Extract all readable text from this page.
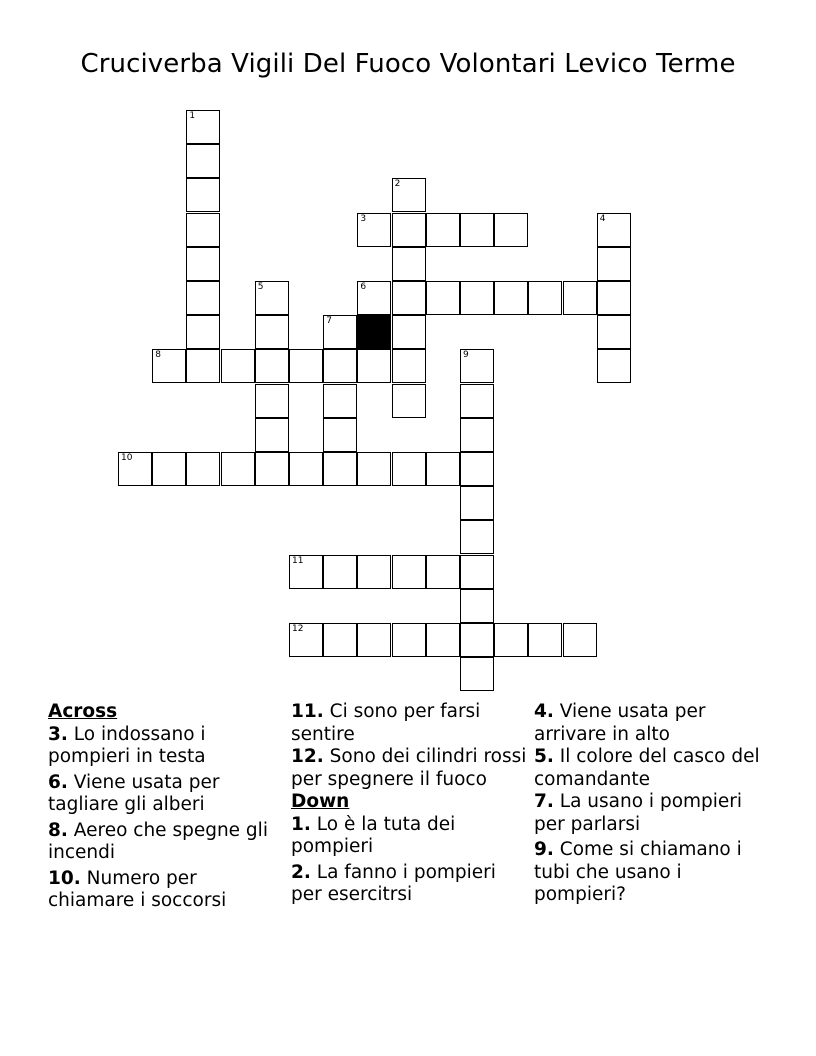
Cruciverba Vigili Del Fuoco Volontari Levico Terme
1
2
3	4
5	6
7
8	9
10
11
12
Across
3. Lo indossano i pompieri in testa
6. Viene usata per tagliare gli alberi
8. Aereo che spegne gli incendi
10. Numero per chiamare i soccorsi
11. Ci sono per farsi sentire
12. Sono dei cilindri rossi per spegnere il fuoco
Down
1. Lo è la tuta dei pompieri
2. La fanno i pompieri per esercitrsi
4. Viene usata per arrivare in alto
5. Il colore del casco del comandante
7. La usano i pompieri per parlarsi
9. Come si chiamano i tubi che usano i pompieri?
